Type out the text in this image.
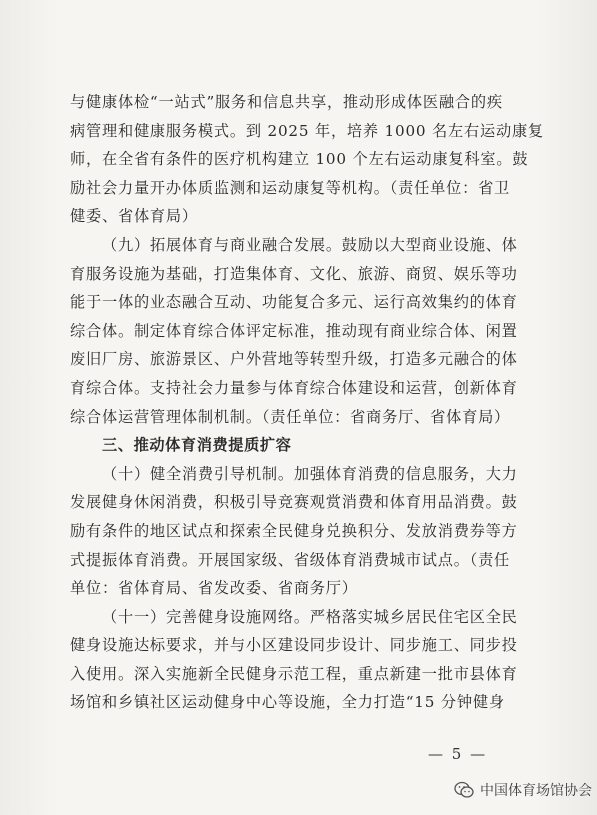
与健康体检“一站式”服务和信息共享，推动形成体医融合的疾
病管理和健康服务模式。到 2025 年，培养 1000 名左右运动康复
师，在全省有条件的医疗机构建立 100 个左右运动康复科室。鼓
励社会力量开办体质监测和运动康复等机构。（责任单位：省卫
健委、省体育局）
（九）拓展体育与商业融合发展。鼓励以大型商业设施、体
育服务设施为基础，打造集体育、文化、旅游、商贸、娱乐等功
能于一体的业态融合互动、功能复合多元、运行高效集约的体育
综合体。制定体育综合体评定标准，推动现有商业综合体、闲置
废旧厂房、旅游景区、户外营地等转型升级，打造多元融合的体
育综合体。支持社会力量参与体育综合体建设和运营，创新体育
综合体运营管理体制机制。（责任单位：省商务厅、省体育局）
三、推动体育消费提质扩容
（十）健全消费引导机制。加强体育消费的信息服务，大力
发展健身休闲消费，积极引导竞赛观赏消费和体育用品消费。鼓
励有条件的地区试点和探索全民健身兑换积分、发放消费券等方
式提振体育消费。开展国家级、省级体育消费城市试点。（责任
单位：省体育局、省发改委、省商务厅）
（十一）完善健身设施网络。严格落实城乡居民住宅区全民
健身设施达标要求，并与小区建设同步设计、同步施工、同步投
入使用。深入实施新全民健身示范工程，重点新建一批市县体育
场馆和乡镇社区运动健身中心等设施，全力打造“15 分钟健身
— 5 —
中国体育场馆协会
